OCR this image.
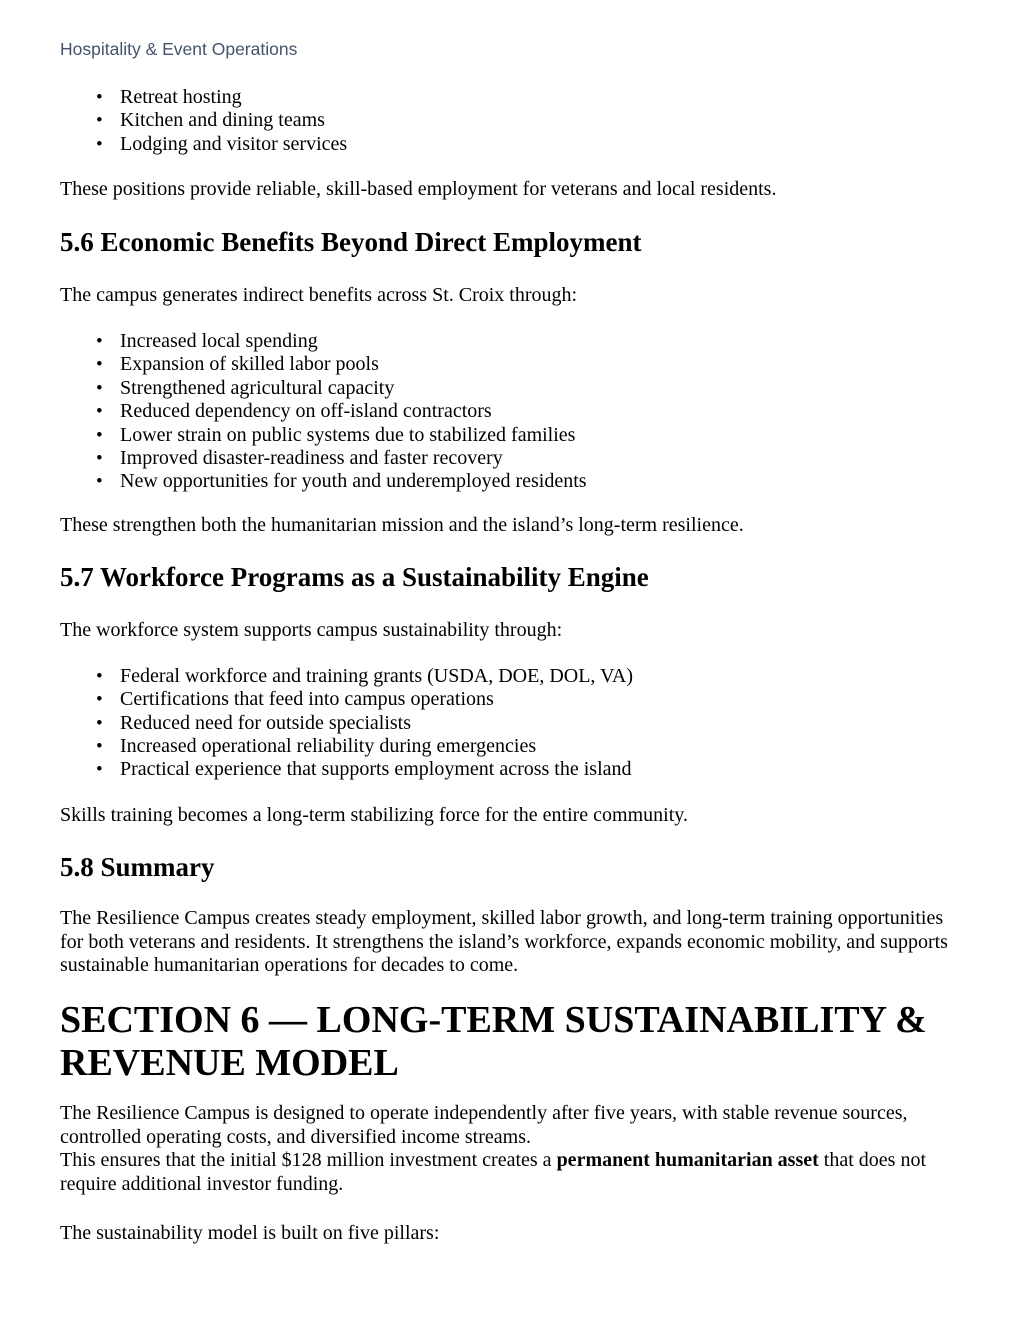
Hospitality & Event Operations
• Retreat hosting
• Kitchen and dining teams
• Lodging and visitor services

These positions provide reliable, skill-based employment for veterans and local residents.

5.6 Economic Benefits Beyond Direct Employment

The campus generates indirect benefits across St. Croix through:

• Increased local spending
• Expansion of skilled labor pools
• Strengthened agricultural capacity
• Reduced dependency on off-island contractors
• Lower strain on public systems due to stabilized families
• Improved disaster-readiness and faster recovery
• New opportunities for youth and underemployed residents

These strengthen both the humanitarian mission and the island’s long-term resilience.

5.7 Workforce Programs as a Sustainability Engine

The workforce system supports campus sustainability through:

• Federal workforce and training grants (USDA, DOE, DOL, VA)
• Certifications that feed into campus operations
• Reduced need for outside specialists
• Increased operational reliability during emergencies
• Practical experience that supports employment across the island

Skills training becomes a long-term stabilizing force for the entire community.

5.8 Summary

The Resilience Campus creates steady employment, skilled labor growth, and long-term training opportunities for both veterans and residents. It strengthens the island’s workforce, expands economic mobility, and supports sustainable humanitarian operations for decades to come.

SECTION 6 — LONG-TERM SUSTAINABILITY & REVENUE MODEL

The Resilience Campus is designed to operate independently after five years, with stable revenue sources, controlled operating costs, and diversified income streams.
This ensures that the initial $128 million investment creates a permanent humanitarian asset that does not require additional investor funding.

The sustainability model is built on five pillars:
